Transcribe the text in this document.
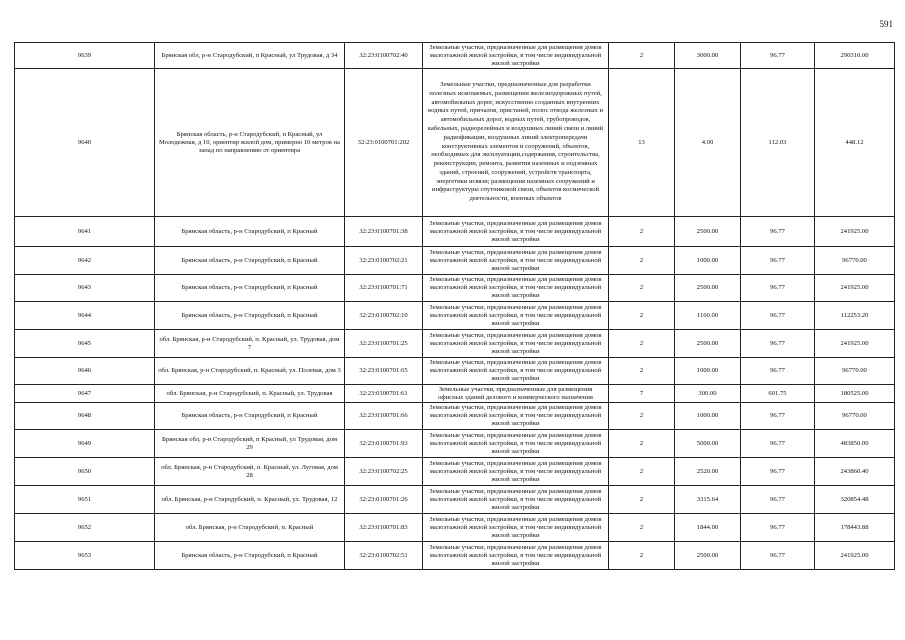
591
9639	Брянская обл, р-н Стародубский, п Красный, ул Трудовая, д 34	32:23:0100702:40	Земельные участки, предназначенные для размещения домов малоэтажной жилой застройки, в том числе индивидуальной жилой застройки	2	3000.00	96.77	290310.00
9640	Брянская область, р-н Стародубский, п Красный, ул Молодежная, д 10, ориентир жилой дом, примерно 10 метров на запад по направлению от ориентира	32:23:0100701:202	Земельные участки, предназначенные для разработки полезных ископаемых, размещения железнодорожных путей, автомобильных дорог, искусственно созданных внутренних водных путей, причалов, пристаней, полос отвода железных и автомобильных дорог, водных путей, трубопроводов, кабельных, радиорелейных и воздушных линий связи и линий радиофикации, воздушных линий электропередачи конструктивных элементов и сооружений, объектов, необходимых для эксплуатации,содержания, строительства, реконструкции, ремонта, развития наземных и подземных зданий, строений, сооружений, устройств транспорта, энергетики исвязи; размещения наземных сооружений и инфраструктуры спутниковой связи, объектов космической деятельности, военных объектов	13	4.00	112.03	448.12
9641	Брянская область, р-н Стародубский, п Красный	32:23:0100701:38	Земельные участки, предназначенные для размещения домов малоэтажной жилой застройки, в том числе индивидуальной жилой застройки	2	2500.00	96.77	241925.00
9642	Брянская область, р-н Стародубский, п Красный	32:23:0100702:21	Земельные участки, предназначенные для размещения домов малоэтажной жилой застройки, в том числе индивидуальной жилой застройки	2	1000.00	96.77	96770.00
9643	Брянская область, р-н Стародубский, п Красный	32:23:0100701:71	Земельные участки, предназначенные для размещения домов малоэтажной жилой застройки, в том числе индивидуальной жилой застройки	2	2500.00	96.77	241925.00
9644	Брянская область, р-н Стародубский, п Красный	32:23:0100702:10	Земельные участки, предназначенные для размещения домов малоэтажной жилой застройки, в том числе индивидуальной жилой застройки	2	1160.00	96.77	112253.20
9645	обл. Брянская, р-н Стародубский, п. Красный, ул. Трудовая, дом 7	32:23:0100701:25	Земельные участки, предназначенные для размещения домов малоэтажной жилой застройки, в том числе индивидуальной жилой застройки	2	2500.00	96.77	241925.00
9646	обл. Брянская, р-н Стародубский, п. Красный, ул. Полевая, дом 3	32:23:0100701:65	Земельные участки, предназначенные для размещения домов малоэтажной жилой застройки, в том числе индивидуальной жилой застройки	2	1000.00	96.77	96770.00
9647	обл. Брянская, р-н Стародубский, п. Красный, ул. Трудовая	32:23:0100701:61	Земельные участки, предназначенные для размещения офисных зданий делового и коммерческого назначения	7	300.00	601.75	180525.00
9648	Брянская область, р-н Стародубский, п Красный	32:23:0100701:66	Земельные участки, предназначенные для размещения домов малоэтажной жилой застройки, в том числе индивидуальной жилой застройки	2	1000.00	96.77	96770.00
9649	Брянская обл, р-н Стародубский, п Красный, ул Трудовая, дом 29	32:23:0100701:93	Земельные участки, предназначенные для размещения домов малоэтажной жилой застройки, в том числе индивидуальной жилой застройки	2	5000.00	96.77	483850.00
9650	обл. Брянская, р-н Стародубский, п. Красный, ул. Луговая, дом 28	32:23:0100702:25	Земельные участки, предназначенные для размещения домов малоэтажной жилой застройки, в том числе индивидуальной жилой застройки	2	2520.00	96.77	243860.40
9651	обл. Брянская, р-н Стародубский, п. Красный, ул. Трудовая, 12	32:23:0100701:26	Земельные участки, предназначенные для размещения домов малоэтажной жилой застройки, в том числе индивидуальной жилой застройки	2	3315.64	96.77	320854.48
9652	обл. Брянская, р-н Стародубский, п. Красный	32:23:0100701:83	Земельные участки, предназначенные для размещения домов малоэтажной жилой застройки, в том числе индивидуальной жилой застройки	2	1844.00	96.77	178443.88
9653	Брянская область, р-н Стародубский, п Красный	32:23:0100702:51	Земельные участки, предназначенные для размещения домов малоэтажной жилой застройки, в том числе индивидуальной жилой застройки	2	2500.00	96.77	241925.00
